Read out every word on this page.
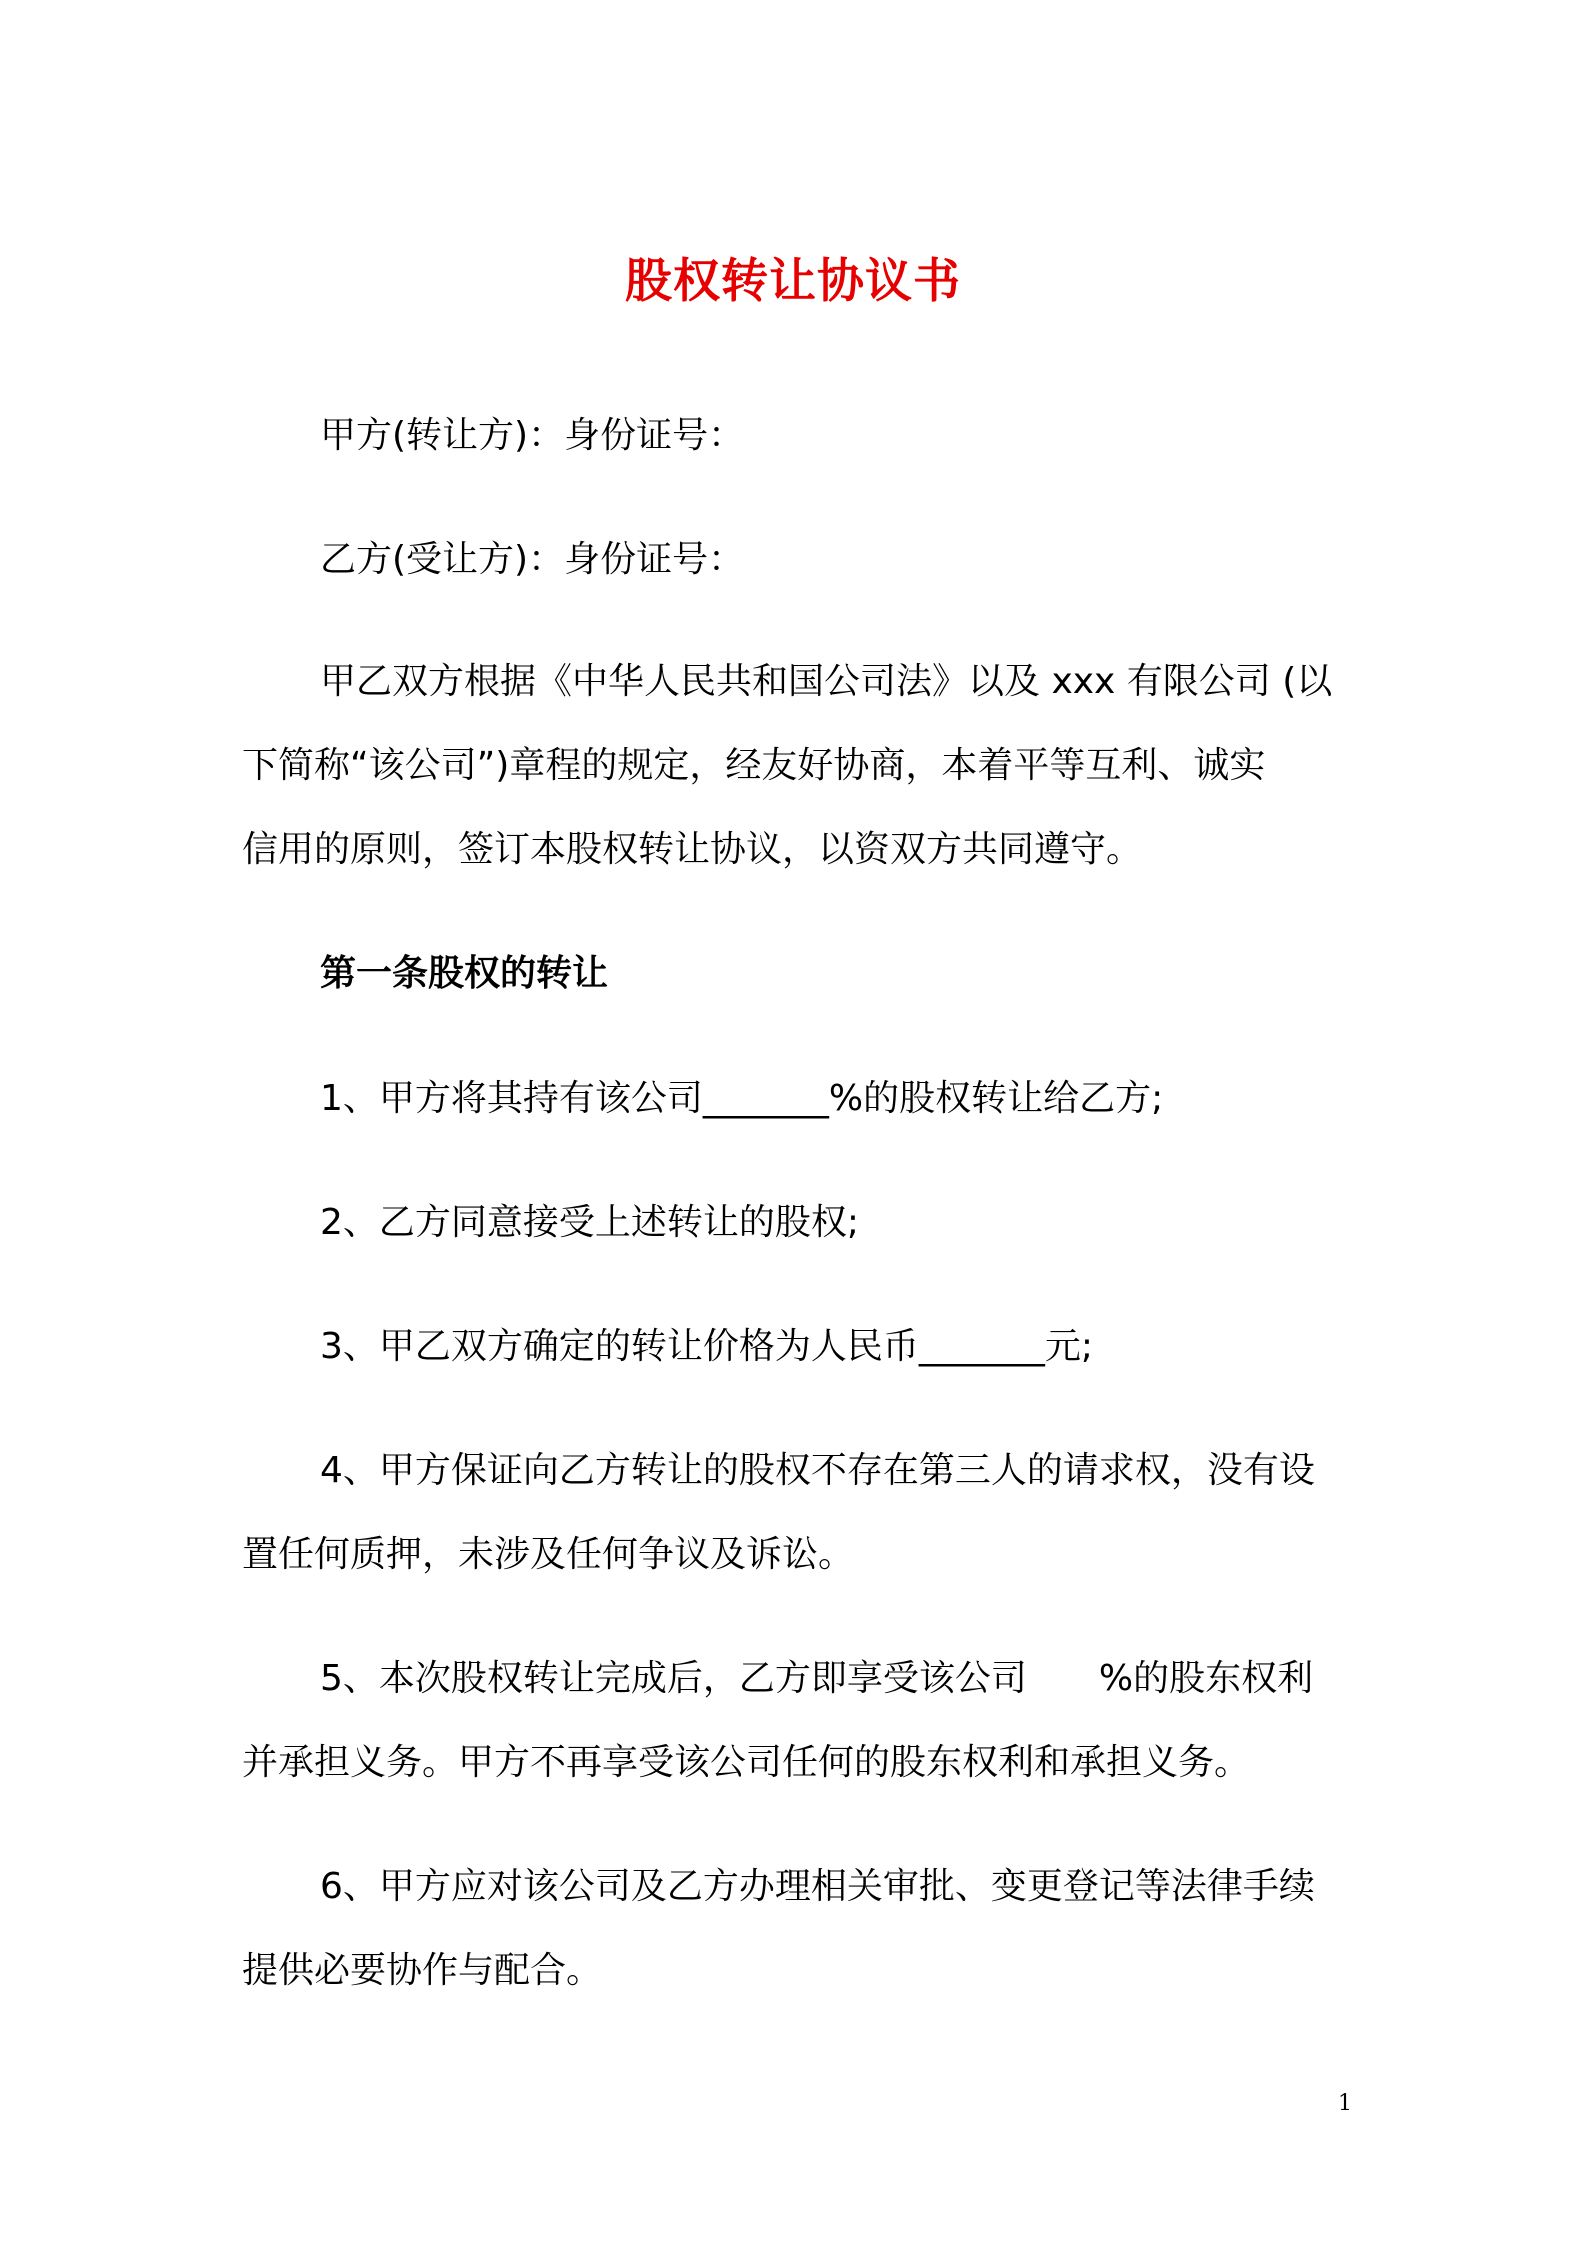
股权转让协议书
甲方(转让方)：身份证号：
乙方(受让方)：身份证号：
甲乙双方根据《中华人民共和国公司法》以及 xxx 有限公司 (以
下简称“该公司”)章程的规定，经友好协商，本着平等互利、诚实
信用的原则，签订本股权转让协议，以资双方共同遵守。
第一条股权的转让
1、甲方将其持有该公司_______%的股权转让给乙方;
2、乙方同意接受上述转让的股权;
3、甲乙双方确定的转让价格为人民币_______元;
4、甲方保证向乙方转让的股权不存在第三人的请求权，没有设
置任何质押，未涉及任何争议及诉讼。
5、本次股权转让完成后，乙方即享受该公司　　%的股东权利
并承担义务。甲方不再享受该公司任何的股东权利和承担义务。
6、甲方应对该公司及乙方办理相关审批、变更登记等法律手续
提供必要协作与配合。
1
